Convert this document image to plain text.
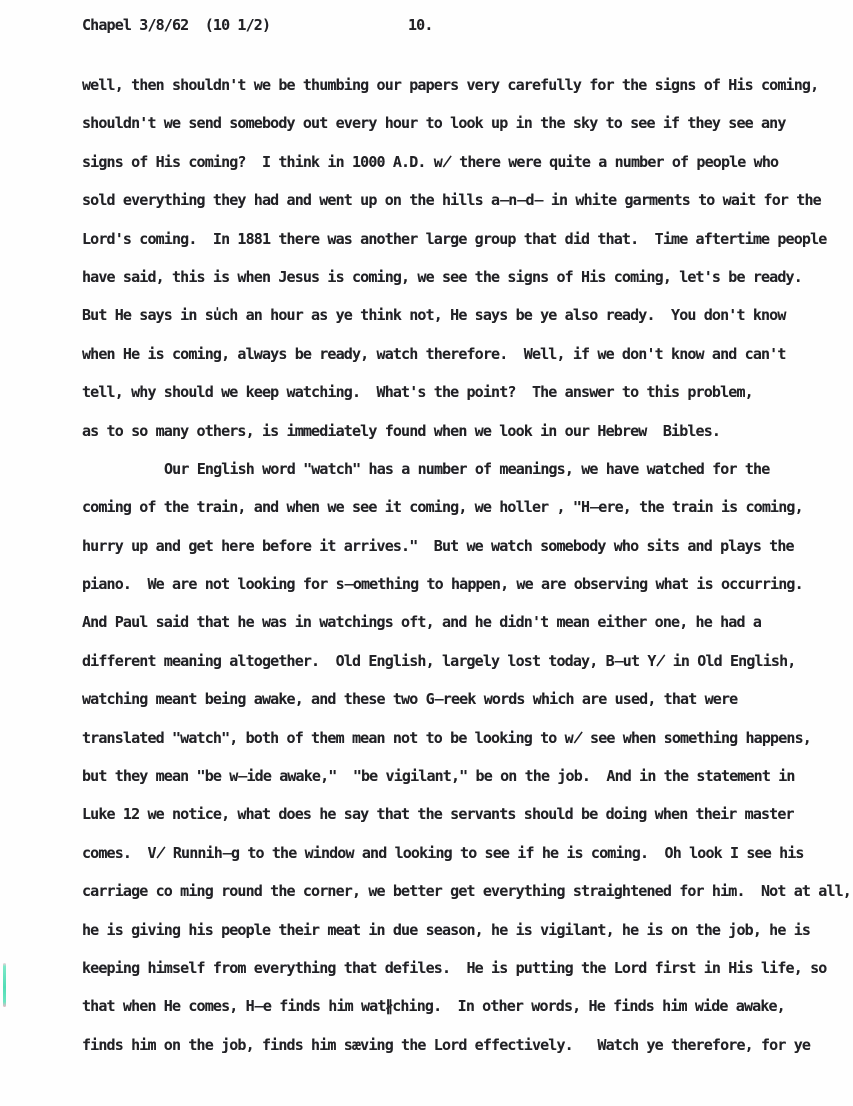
Chapel 3/8/62  (10 1/2)	10.
well, then shouldn't we be thumbing our papers very carefully for the signs of His coming,
shouldn't we send somebody out every hour to look up in the sky to see if they see any
signs of His coming?  I think in 1000 A.D. w̸ there were quite a number of people who
sold everything they had and went up on the hills a̶n̶d̶ in white garments to wait for the
Lord's coming.  In 1881 there was another large group that did that.  Time aftertime people
have said, this is when Jesus is coming, we see the signs of His coming, let's be ready.
But He says in su̍ch an hour as ye think not, He says be ye also ready.  You don't know
when He is coming, always be ready, watch therefore.  Well, if we don't know and can't
tell, why should we keep watching.  What's the point?  The answer to this problem,
as to so many others, is immediately found when we look in our Hebrew  Bibles.
Our English word "watch" has a number of meanings, we have watched for the
coming of the train, and when we see it coming, we holler , "H̶ere, the train is coming,
hurry up and get here before it arrives."  But we watch somebody who sits and plays the
piano.  We are not looking for s̶omething to happen, we are observing what is occurring.
And Paul said that he was in watchings oft, and he didn't mean either one, he had a
different meaning altogether.  Old English, largely lost today, B̶ut Y̸ in Old English,
watching meant being awake, and these two G̶reek words which are used, that were
translated "watch", both of them mean not to be looking to w̸ see when something happens,
but they mean "be w̶ide awake,"  "be vigilant," be on the job.  And in the statement in
Luke 12 we notice, what does he say that the servants should be doing when their master
comes.  V̸ Runnih̶g to the window and looking to see if he is coming.  Oh look I see his
carriage co ming round the corner, we better get everything straightened for him.  Not at all,
he is giving his people their meat in due season, he is vigilant, he is on the job, he is
keeping himself from everything that defiles.  He is putting the Lord first in His life, so
that when He comes, H̶e finds him wat∦ching.  In other words, He finds him wide awake,
finds him on the job, finds him sæving the Lord effectively.   Watch ye therefore, for ye
